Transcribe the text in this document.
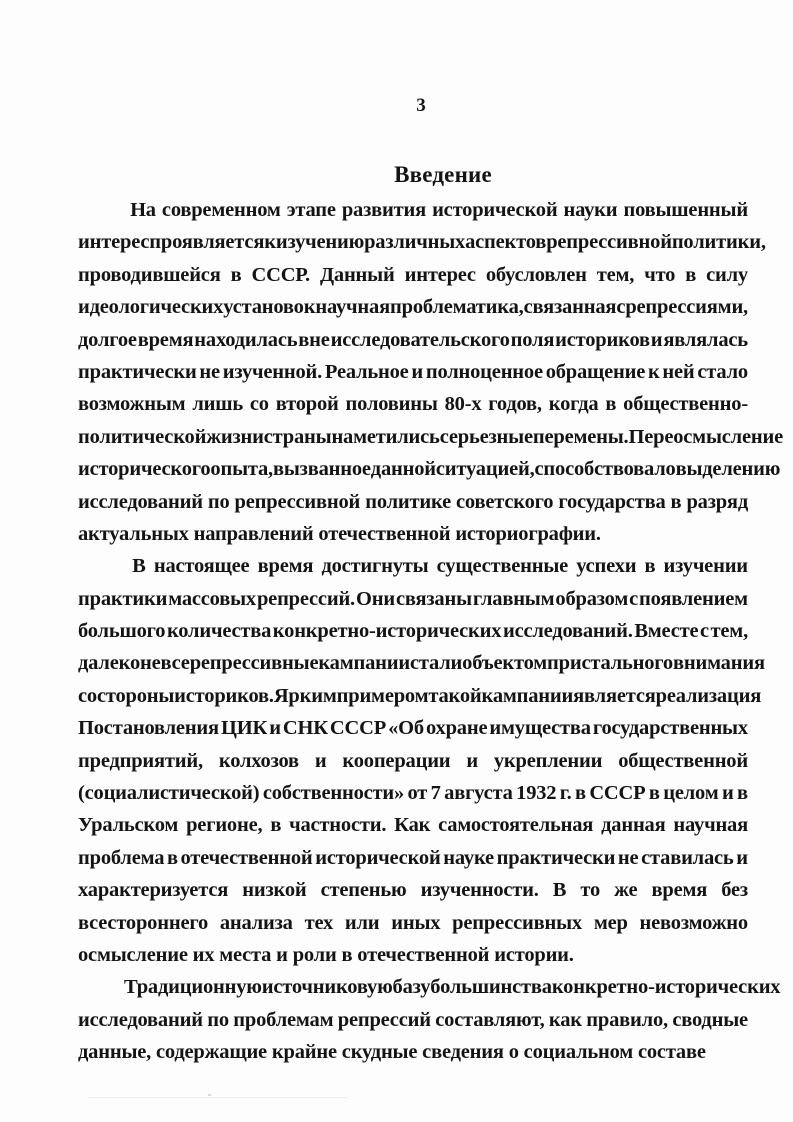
3
Введение
На современном этапе развития исторической науки повышенный
интерес проявляется к изучению различных аспектов репрессивной политики,
проводившейся в СССР. Данный интерес обусловлен тем, что в силу
идеологических установок научная проблематика, связанная с репрессиями,
долгое время находилась вне исследовательского поля историков и являлась
практически не изученной. Реальное и полноценное обращение к ней стало
возможным лишь со второй половины 80-х годов, когда в общественно-
политической жизни страны наметились серьезные перемены. Переосмысление
исторического опыта, вызванное данной ситуацией, способствовало выделению
исследований по репрессивной политике советского государства в разряд
актуальных направлений отечественной историографии.
В настоящее время достигнуты существенные успехи в изучении
практики массовых репрессий. Они связаны главным образом с появлением
большого количества конкретно-исторических исследований. Вместе с тем,
далеко не все репрессивные кампании стали объектом пристального внимания
со стороны историков. Ярким примером такой кампании является реализация
Постановления ЦИК и СНК СССР «Об охране имущества государственных
предприятий, колхозов и кооперации и укреплении общественной
(социалистической) собственности» от 7 августа 1932 г. в СССР в целом и в
Уральском регионе, в частности. Как самостоятельная данная научная
проблема в отечественной исторической науке практически не ставилась и
характеризуется низкой степенью изученности. В то же время без
всестороннего анализа тех или иных репрессивных мер невозможно
осмысление их места и роли в отечественной истории.
Традиционную источниковую базу большинства конкретно-исторических
исследований по проблемам репрессий составляют, как правило, сводные
данные, содержащие крайне скудные сведения о социальном составе
